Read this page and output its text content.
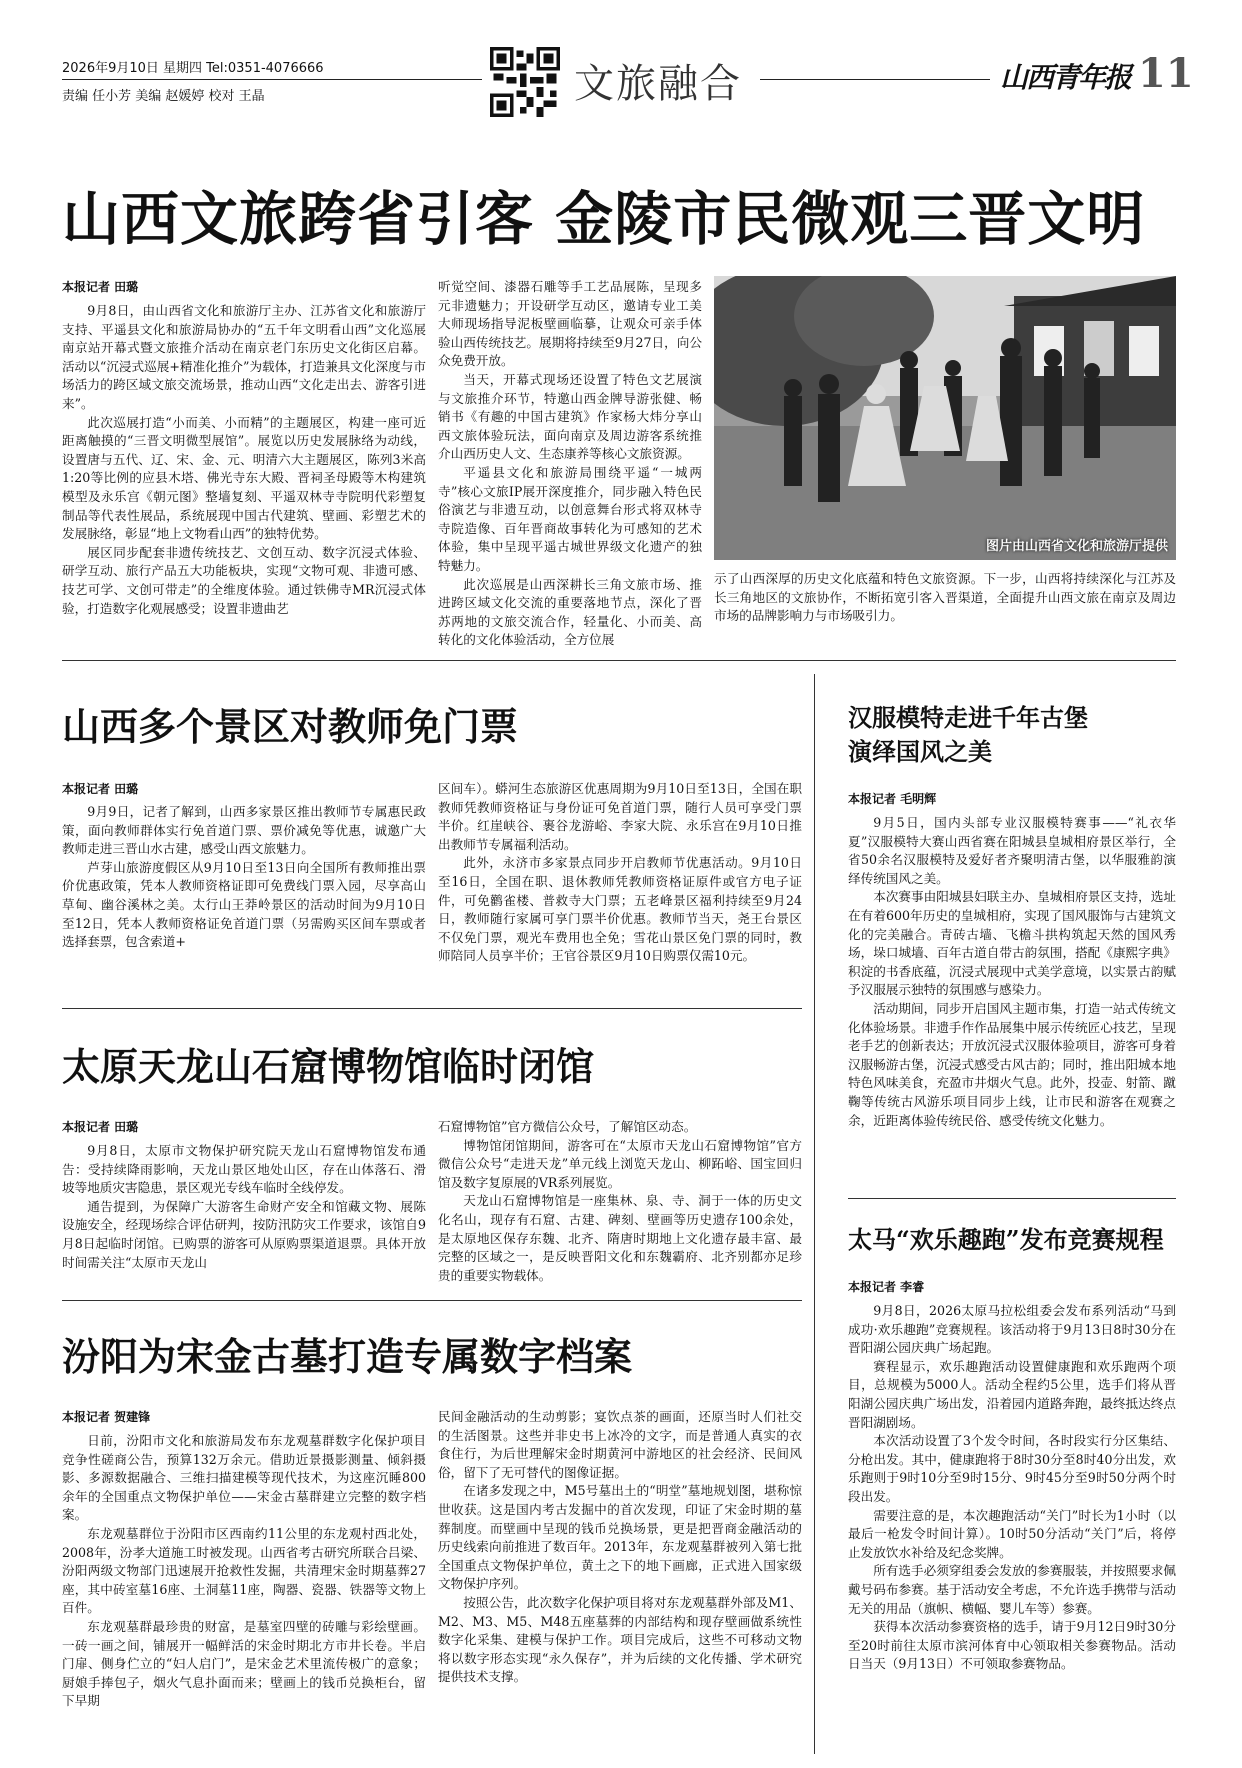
2026年9月10日 星期四 Tel:0351-4076666
责编 任小芳 美编 赵媛婷 校对 王晶	文旅融合	山西青年报 11
山西文旅跨省引客 金陵市民微观三晋文明
本报记者 田璐

9月8日，由山西省文化和旅游厅主办、江苏省文化和旅游厅支持、平遥县文化和旅游局协办的“五千年文明看山西”文化巡展南京站开幕式暨文旅推介活动在南京老门东历史文化街区启幕。活动以“沉浸式巡展+精准化推介”为载体，打造兼具文化深度与市场活力的跨区域文旅交流场景，推动山西“文化走出去、游客引进来”。

此次巡展打造“小而美、小而精”的主题展区，构建一座可近距离触摸的“三晋文明微型展馆”。展览以历史发展脉络为动线，设置唐与五代、辽、宋、金、元、明清六大主题展区，陈列3米高1:20等比例的应县木塔、佛光寺东大殿、晋祠圣母殿等木构建筑模型及永乐宫《朝元图》整墙复刻、平遥双林寺寺院明代彩塑复制品等代表性展品，系统展现中国古代建筑、壁画、彩塑艺术的发展脉络，彰显“地上文物看山西”的独特优势。

展区同步配套非遗传统技艺、文创互动、数字沉浸式体验、研学互动、旅行产品五大功能板块，实现“文物可观、非遗可感、技艺可学、文创可带走”的全维度体验。通过铁佛寺MR沉浸式体验，打造数字化观展感受；设置非遗曲艺

听觉空间、漆器石雕等手工艺品展陈，呈现多元非遗魅力；开设研学互动区，邀请专业工美大师现场指导泥板壁画临摹，让观众可亲手体验山西传统技艺。展期将持续至9月27日，向公众免费开放。

当天，开幕式现场还设置了特色文艺展演与文旅推介环节，特邀山西金牌导游张健、畅销书《有趣的中国古建筑》作家杨大炜分享山西文旅体验玩法，面向南京及周边游客系统推介山西历史人文、生态康养等核心文旅资源。

平遥县文化和旅游局围绕平遥“一城两寺”核心文旅IP展开深度推介，同步融入特色民俗演艺与非遗互动，以创意舞台形式将双林寺寺院造像、百年晋商故事转化为可感知的艺术体验，集中呈现平遥古城世界级文化遗产的独特魅力。

此次巡展是山西深耕长三角文旅市场、推进跨区域文化交流的重要落地节点，深化了晋苏两地的文旅交流合作，轻量化、小而美、高转化的文化体验活动，全方位展

图片由山西省文化和旅游厅提供

示了山西深厚的历史文化底蕴和特色文旅资源。下一步，山西将持续深化与江苏及长三角地区的文旅协作，不断拓宽引客入晋渠道，全面提升山西文旅在南京及周边市场的品牌影响力与市场吸引力。

山西多个景区对教师免门票
本报记者 田璐

9月9日，记者了解到，山西多家景区推出教师节专属惠民政策，面向教师群体实行免首道门票、票价减免等优惠，诚邀广大教师走进三晋山水古建，感受山西文旅魅力。

芦芽山旅游度假区从9月10日至13日向全国所有教师推出票价优惠政策，凭本人教师资格证即可免费线门票入园，尽享高山草甸、幽谷溪林之美。太行山王莽岭景区的活动时间为9月10日至12日，凭本人教师资格证免首道门票（另需购买区间车票或者选择套票，包含索道+

区间车）。蟒河生态旅游区优惠周期为9月10日至13日，全国在职教师凭教师资格证与身份证可免首道门票，随行人员可享受门票半价。红崖峡谷、裹谷龙游峪、李家大院、永乐宫在9月10日推出教师节专属福利活动。

此外，永济市多家景点同步开启教师节优惠活动。9月10日至16日，全国在职、退休教师凭教师资格证原件或官方电子证件，可免鹳雀楼、普救寺大门票；五老峰景区福利持续至9月24日，教师随行家属可享门票半价优惠。教师节当天，尧王台景区不仅免门票，观光车费用也全免；雪花山景区免门票的同时，教师陪同人员享半价；王官谷景区9月10日购票仅需10元。

太原天龙山石窟博物馆临时闭馆
本报记者 田璐

9月8日，太原市文物保护研究院天龙山石窟博物馆发布通告：受持续降雨影响，天龙山景区地处山区，存在山体落石、滑坡等地质灾害隐患，景区观光专线车临时全线停发。

通告提到，为保障广大游客生命财产安全和馆藏文物、展陈设施安全，经现场综合评估研判，按防汛防灾工作要求，该馆自9月8日起临时闭馆。已购票的游客可从原购票渠道退票。具体开放时间需关注“太原市天龙山

石窟博物馆”官方微信公众号，了解馆区动态。

博物馆闭馆期间，游客可在“太原市天龙山石窟博物馆”官方微信公众号“走进天龙”单元线上浏览天龙山、柳跖峪、国宝回归馆及数字复原展的VR系列展览。

天龙山石窟博物馆是一座集林、泉、寺、洞于一体的历史文化名山，现存有石窟、古建、碑刻、壁画等历史遗存100余处，是太原地区保存东魏、北齐、隋唐时期地上文化遗存最丰富、最完整的区域之一，是反映晋阳文化和东魏霸府、北齐别都亦足珍贵的重要实物载体。

汾阳为宋金古墓打造专属数字档案
本报记者 贺建锋

日前，汾阳市文化和旅游局发布东龙观墓群数字化保护项目竞争性磋商公告，预算132万余元。借助近景摄影测量、倾斜摄影、多源数据融合、三维扫描建模等现代技术，为这座沉睡800余年的全国重点文物保护单位——宋金古墓群建立完整的数字档案。

东龙观墓群位于汾阳市区西南约11公里的东龙观村西北处，2008年，汾孝大道施工时被发现。山西省考古研究所联合吕梁、汾阳两级文物部门迅速展开抢救性发掘，共清理宋金时期墓葬27座，其中砖室墓16座、土洞墓11座，陶器、瓷器、铁器等文物上百件。

东龙观墓群最珍贵的财富，是墓室四壁的砖雕与彩绘壁画。一砖一画之间，铺展开一幅鲜活的宋金时期北方市井长卷。半启门扉、侧身伫立的“妇人启门”，是宋金艺术里流传极广的意象；厨娘手捧包子，烟火气息扑面而来；壁画上的钱币兑换柜台，留下早期

民间金融活动的生动剪影；宴饮点茶的画面，还原当时人们社交的生活图景。这些并非史书上冰冷的文字，而是普通人真实的衣食住行，为后世理解宋金时期黄河中游地区的社会经济、民间风俗，留下了无可替代的图像证据。

在诸多发现之中，M5号墓出土的“明堂”墓地规划图，堪称惊世收获。这是国内考古发掘中的首次发现，印证了宋金时期的墓葬制度。而壁画中呈现的钱币兑换场景，更是把晋商金融活动的历史线索向前推进了数百年。2013年，东龙观墓群被列入第七批全国重点文物保护单位，黄土之下的地下画廊，正式进入国家级文物保护序列。

按照公告，此次数字化保护项目将对东龙观墓群外部及M1、M2、M3、M5、M48五座墓葬的内部结构和现存壁画做系统性数字化采集、建模与保护工作。项目完成后，这些不可移动文物将以数字形态实现“永久保存”，并为后续的文化传播、学术研究提供技术支撑。

汉服模特走进千年古堡
演绎国风之美
本报记者 毛明辉

9月5日，国内头部专业汉服模特赛事——“礼衣华夏”汉服模特大赛山西省赛在阳城县皇城相府景区举行，全省50余名汉服模特及爱好者齐聚明清古堡，以华服雅韵演绎传统国风之美。

本次赛事由阳城县妇联主办、皇城相府景区支持，选址在有着600年历史的皇城相府，实现了国风服饰与古建筑文化的完美融合。青砖古墙、飞檐斗拱构筑起天然的国风秀场，垛口城墙、百年古道自带古韵氛围，搭配《康熙字典》积淀的书香底蕴，沉浸式展现中式美学意境，以实景古韵赋予汉服展示独特的氛围感与感染力。

活动期间，同步开启国风主题市集，打造一站式传统文化体验场景。非遗手作作品展集中展示传统匠心技艺，呈现老手艺的创新表达；开放沉浸式汉服体验项目，游客可身着汉服畅游古堡，沉浸式感受古风古韵；同时，推出阳城本地特色风味美食，充盈市井烟火气息。此外，投壶、射箭、蹴鞠等传统古风游乐项目同步上线，让市民和游客在观赛之余，近距离体验传统民俗、感受传统文化魅力。

太马“欢乐趣跑”发布竞赛规程
本报记者 李睿

9月8日，2026太原马拉松组委会发布系列活动“马到成功·欢乐趣跑”竞赛规程。该活动将于9月13日8时30分在晋阳湖公园庆典广场起跑。

赛程显示，欢乐趣跑活动设置健康跑和欢乐跑两个项目，总规模为5000人。活动全程约5公里，选手们将从晋阳湖公园庆典广场出发，沿着园内道路奔跑，最终抵达终点晋阳湖剧场。

本次活动设置了3个发令时间，各时段实行分区集结、分枪出发。其中，健康跑将于8时30分至8时40分出发，欢乐跑则于9时10分至9时15分、9时45分至9时50分两个时段出发。

需要注意的是，本次趣跑活动“关门”时长为1小时（以最后一枪发令时间计算）。10时50分活动“关门”后，将停止发放饮水补给及纪念奖牌。

所有选手必须穿组委会发放的参赛服装，并按照要求佩戴号码布参赛。基于活动安全考虑，不允许选手携带与活动无关的用品（旗帜、横幅、婴儿车等）参赛。

获得本次活动参赛资格的选手，请于9月12日9时30分至20时前往太原市滨河体育中心领取相关参赛物品。活动日当天（9月13日）不可领取参赛物品。
